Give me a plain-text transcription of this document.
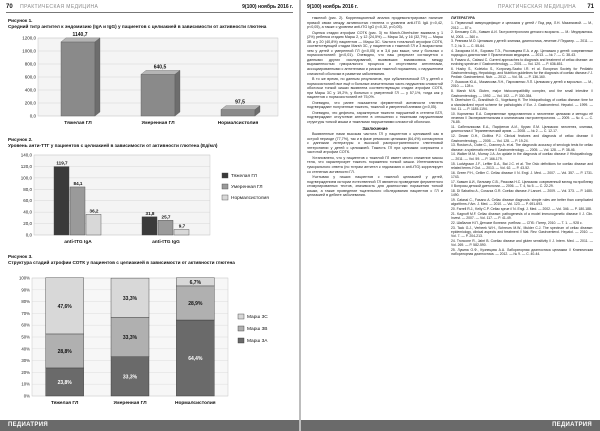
70 ПРАКТИЧЕСКАЯ МЕДИЦИНА	9(100) ноябрь 2016 г.
Рисунок 1.
Средний титр антител к эндомизию (IgA и IgG) у пациентов с целиакией в зависимости от активности глютена
1200,0
1000,0
800,0
600,0
400,0
200,0
0,0
1140,7
Тяжелая ГЛ
640,5
Умеренная ГЛ
97,5
Нормалсистолия
Рисунок 2.
Уровень анти-ТТГ у пациентов с целиакией в зависимости от активности глютена (Ед/мл)
140,0
120,0
100,0
80,0
60,0
40,0
20,0
0,0
119,7
84,1
36,2
anti-tTG IgA
31,8
25,7
9,7
anti-tTG IgG
Тяжелая ГЛ
Умеренная ГЛ
Нормалсистолия
Рисунок 3.
Структура стадий атрофии СОТК у пациентов с целиакией в зависимости от активности глютена
100%
90%
80%
70%
60%
50%
40%
30%
20%
10%
0%
23,8%
28,8%
47,6%
Тяжелая ГЛ
33,3%
33,3%
33,3%
Умеренная ГЛ
64,4%
28,9%
6,7%
Нормалсистолия
Марш 3С
Марш 3В
Марш 3А
ПЕДИАТРИЯ
9(100) ноябрь 2016 г.	ПРАКТИЧЕСКАЯ МЕДИЦИНА 71

тяжелой (рис. 2). Корреляционный анализ продемонстрировал наличие прямой связи между активностью глютена и уровнем anti-tTG IgA (r=0,42, p<0,05), а также с уровнем anti-tTG IgG (r=0,32, p<0,05).

Оценка стадии атрофии СОТК (рис. 3) по March-Oberhuber выявила у 1 (2%) ребенка стадию Марш 2, у 12 (24,5%) — Марш 3А, у 16 (32,7%) — Марш 3В и у 20 (40,8%) пациентов — Марш 3С. Частота тотальной атрофии СОТК, соответствующей стадии Marsh 3С, у пациентов с тяжелой ГЛ и 3 возрастала: чем у детей с умеренной ГЛ (p<0,05) и в 3,6 раз выше, чем у больных с нормосистолией (p<0,01). Очевидно, что наш результат согласуется с данными других исследований, выявивших взаимосвязь между выраженностью гуморального процесса и отсутствием антителами, ассоциированными с антителами и риском тяжелой поражения, с нарушением слизистой оболочки в развитии заболевания.

В то же время, по данным результатов, при субклинической ГЛ у детей с нормосистолией все ещё и больные значительная часть нарушения слизистой оболочки тонкой кишки выявлена соответствующая стадии атрофии СОТК, при Марш 3С у 19,2%, у больных с умеренной ГЛ — у 57,1%, тогда как у пациентов с нормосистолией её 75,0%.

Очевидно, что ранее показатели ферментной активности глютена подтверждают полученные тяжесть, тяжелой и умеренной анемии (p<0,05).

Очевидно, что дефекты, характерные тяжести нарушений в степени БГЛ, подтверждают отсутствие антител в отношении с тяжелыми нарушениями структуры тонкой кишки и тяжелыми нарушениями слизистой оболочки.

Заключение

Выявленные нами высокая частота ГЛ у пациентов с целиакией как в острой периоде (77,7%), так и в фазе ремиссии целиакии (64,4%) согласуются с данными литературы о высокой распространенности глютеновой энтеропатии у детей с целиакией. Тяжесть ГЛ при целиакии сопряжена с частотой атрофии СОТК.

Установлено, что у пациентов с тяжелой ГЛ имеет место снижение массы тела, что характеризует тяжесть поражения тонкой кишки. Интенсивность гуморального ответа (по титрам антител к эндомизию и anti-tTG) коррелирует со степенью активности ГЛ.

Учитывая у наших пациентов с тяжелой целиакией у детей, подтверждением истории естественной ГЛ является проведение ферментного стимулированных тестов, значимость для диагностики поражения тонкой кишки, а также проведение тщательного обследования пациентов с ГЛ и целиакией в дебюте заболевания.

ЛИТЕРАТУРА
1. Первичный иммунодефицит и целиакия у детей / Под ред. Л.Н. Мазанковой. — М., 2012. — 87 с.
2. Бельмер С.В., Хавкин А.И. Гастроэнтерология детского возраста. — М.: Медпрактика-М, 2003. — 360 с.
3. Ревнова М.О. Целиакия у детей: клиника, диагностика, лечение // Педиатр. — 2011. — Т. 2, № 3. — С. 55-64.
4. Захарова И.Н., Боровик Т.Э., Рославцева Е.А. и др. Целиакия у детей: современные подходы к диагностике // Практическая медицина. — 2013. — № 7. — С. 38-43.
5. Fasano A., Catassi C. Current approaches to diagnosis and treatment of celiac disease: an evolving spectrum // Gastroenterology. — 2001. — Vol. 120. — P. 636-651.
6. Husby S., Koletzko S., Korponay-Szabo I.R. et al. European Society for Pediatric Gastroenterology, Hepatology, and Nutrition guidelines for the diagnosis of coeliac disease // J. Pediatr. Gastroenterol. Nutr. — 2012. — Vol. 54. — P. 136-160.
7. Лысиков Ю.А., Мазанкова Л.Н., Пархоменко Л.П. Целиакия у детей и взрослых. — М., 2010. — 128 с.
8. Marsh M.N. Gluten, major histocompatibility complex, and the small intestine // Gastroenterology. — 1992. — Vol. 102. — P. 330-354.
9. Oberhuber G., Granditsch G., Vogelsang H. The histopathology of coeliac disease: time for a standardized report scheme for pathologists // Eur. J. Gastroenterol. Hepatol. — 1999. — Vol. 11. — P. 1185-1194.
10. Корниенко Е.А. Современные представления о патогенезе целиакии и методы её лечения // Экспериментальная и клиническая гастроэнтерология. — 2009. — № 4. — С. 76-85.
11. Сабельникова Е.А., Парфенов А.И., Крумс Л.М. Целиакия: патогенез, клиника, диагностика // Терапевтический архив. — 2008. — № 2. — С. 12-17.
12. Dewar D.H., Ciclitira P.J. Clinical features and diagnosis of celiac disease // Gastroenterology. — 2005. — Vol. 128. — P. 19-24.
13. Rostom A., Dube C., Cranney A. et al. The diagnostic accuracy of serologic tests for celiac disease: a systematic review // Gastroenterology. — 2005. — Vol. 128. — P. 38-46.
14. Walker M.M., Murray J.A. An update in the diagnosis of coeliac disease // Histopathology. — 2011. — Vol. 59. — P. 166-179.
15. Ludvigsson J.F., Leffler D.A., Bai J.C. et al. The Oslo definitions for coeliac disease and related terms // Gut. — 2013. — Vol. 62. — P. 43-52.
16. Green P.H., Cellier C. Celiac disease // N. Engl. J. Med. — 2007. — Vol. 357. — P. 1731-1743.
17. Хавкин А.И., Бельмер С.В., Рачкова Н.С. Целиакия: современный взгляд на проблему // Вопросы детской диетологии. — 2006. — Т. 4, № 5. — С. 22-29.
18. Di Sabatino A., Corazza G.R. Coeliac disease // Lancet. — 2009. — Vol. 373. — P. 1480-1490.
19. Catassi C., Fasano A. Celiac disease diagnosis: simple rules are better than complicated algorithms // Am. J. Med. — 2010. — Vol. 123. — P. 691-693.
20. Farrell R.J., Kelly C.P. Celiac sprue // N. Engl. J. Med. — 2002. — Vol. 346. — P. 180-188.
21. Kagnoff M.F. Celiac disease: pathogenesis of a model immunogenetic disease // J. Clin. Invest. — 2007. — Vol. 117. — P. 41-49.
22. Шабалов Н.П. Детские болезни: учебник. — СПб.: Питер, 2010. — Т. 1. — 928 с.
23. Tack G.J., Verbeek W.H., Schreurs M.W., Mulder C.J. The spectrum of celiac disease: epidemiology, clinical aspects and treatment // Nat. Rev. Gastroenterol. Hepatol. — 2010. — Vol. 7. — P. 204-213.
24. Troncone R., Jabri B. Coeliac disease and gluten sensitivity // J. Intern. Med. — 2011. — Vol. 269. — P. 582-590.
25. Лукина О.Ф., Кузнецова А.А. Лабораторная диагностика целиакии // Клиническая лабораторная диагностика. — 2012. — № 9. — С. 40-44.
ПЕДИАТРИЯ
